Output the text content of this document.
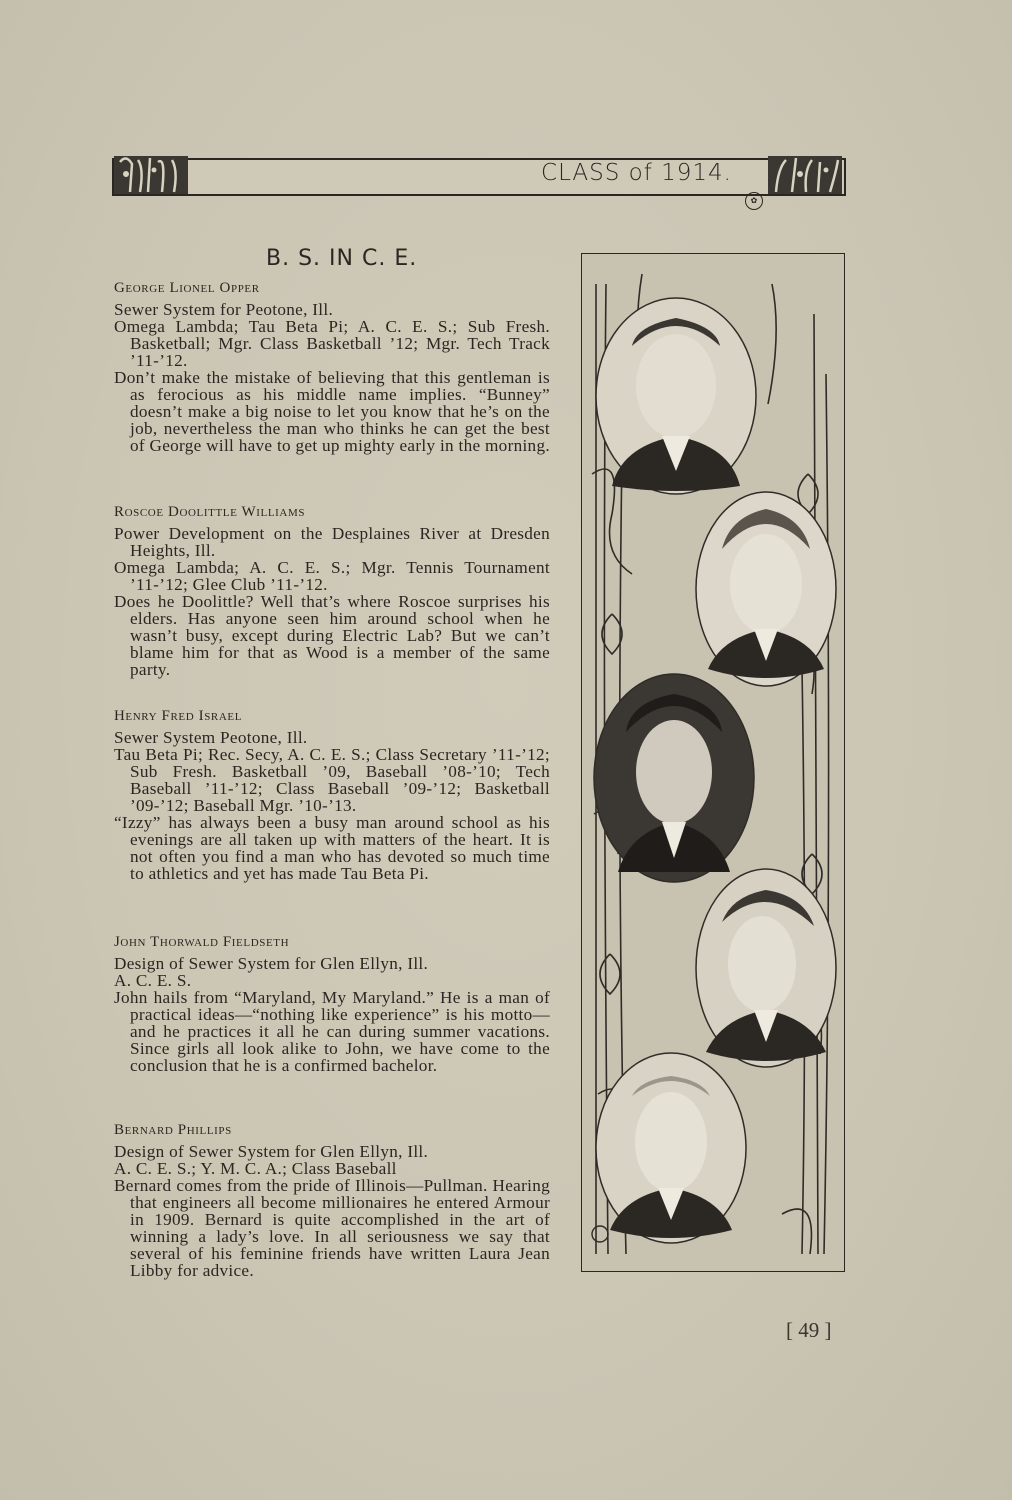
CLASS of 1914.
✿
B. S. IN C. E.
George Lionel Opper

Sewer System for Peotone, Ill.

Omega Lambda; Tau Beta Pi; A. C. E. S.; Sub Fresh. Basketball; Mgr. Class Basketball ’12; Mgr. Tech Track ’11-’12.

Don’t make the mistake of believing that this gentleman is as ferocious as his middle name implies. “Bunney” doesn’t make a big noise to let you know that he’s on the job, nevertheless the man who thinks he can get the best of George will have to get up mighty early in the morning.

Roscoe Doolittle Williams

Power Development on the Desplaines River at Dresden Heights, Ill.

Omega Lambda; A. C. E. S.; Mgr. Tennis Tournament ’11-’12; Glee Club ’11-’12.

Does he Doolittle? Well that’s where Roscoe surprises his elders. Has anyone seen him around school when he wasn’t busy, except during Electric Lab? But we can’t blame him for that as Wood is a member of the same party.

Henry Fred Israel

Sewer System Peotone, Ill.

Tau Beta Pi; Rec. Secy, A. C. E. S.; Class Secretary ’11-’12; Sub Fresh. Basketball ’09, Baseball ’08-’10; Tech Baseball ’11-’12; Class Baseball ’09-’12; Basketball ’09-’12; Baseball Mgr. ’10-’13.

“Izzy” has always been a busy man around school as his evenings are all taken up with matters of the heart. It is not often you find a man who has devoted so much time to athletics and yet has made Tau Beta Pi.

John Thorwald Fieldseth

Design of Sewer System for Glen Ellyn, Ill.

A. C. E. S.

John hails from “Maryland, My Maryland.” He is a man of practical ideas—“nothing like experience” is his motto—and he practices it all he can during summer vacations. Since girls all look alike to John, we have come to the conclusion that he is a confirmed bachelor.

Bernard Phillips

Design of Sewer System for Glen Ellyn, Ill.

A. C. E. S.; Y. M. C. A.; Class Baseball

Bernard comes from the pride of Illinois—Pullman. Hearing that engineers all become millionaires he entered Armour in 1909. Bernard is quite accomplished in the art of winning a lady’s love. In all seriousness we say that several of his feminine friends have written Laura Jean Libby for advice.

[ 49 ]
